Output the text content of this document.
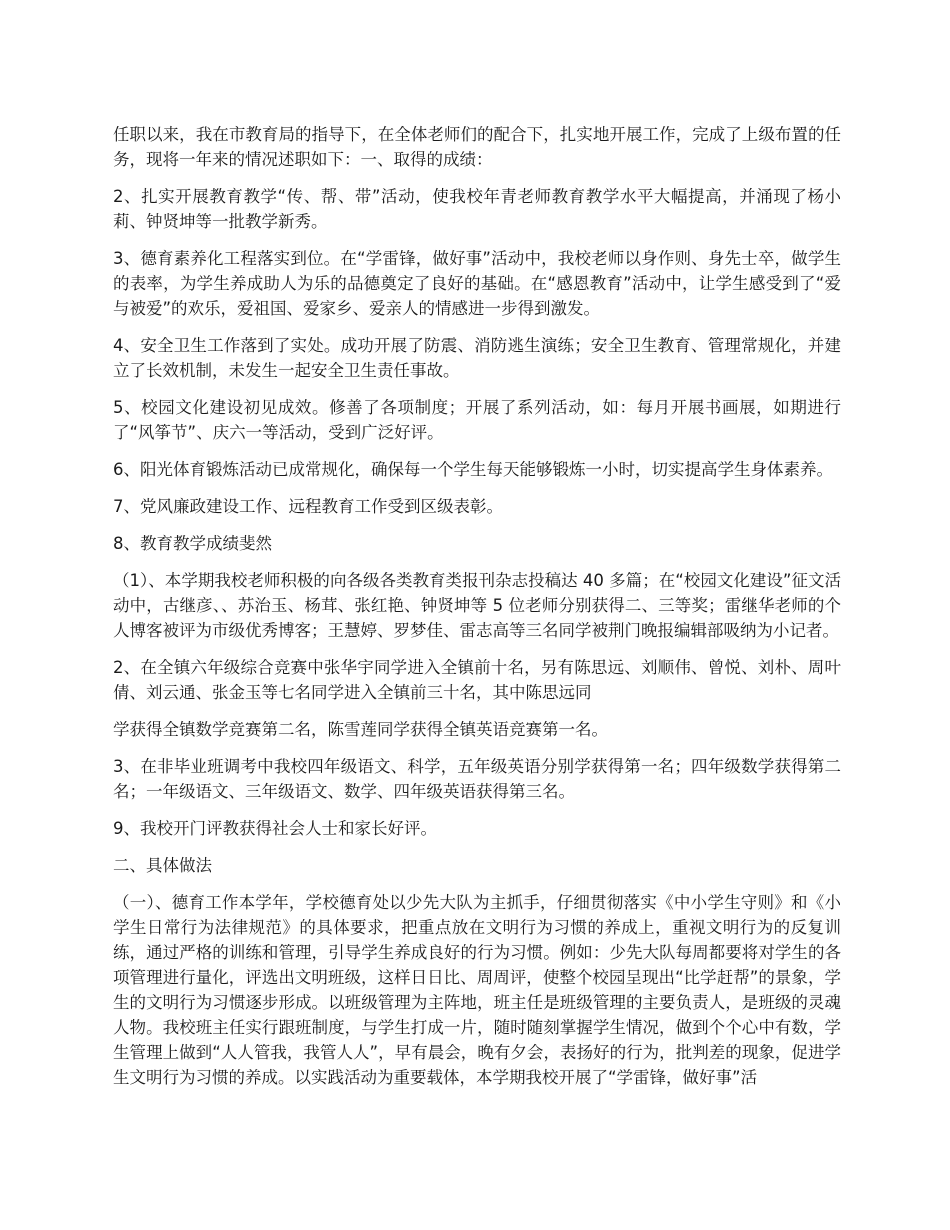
任职以来，我在市教育局的指导下，在全体老师们的配合下，扎实地开展工作，完成了上级布置的任务，现将一年来的情况述职如下：一、取得的成绩：

2、扎实开展教育教学“传、帮、带”活动，使我校年青老师教育教学水平大幅提高，并涌现了杨小莉、钟贤坤等一批教学新秀。

3、德育素养化工程落实到位。在“学雷锋，做好事”活动中，我校老师以身作则、身先士卒，做学生的表率，为学生养成助人为乐的品德奠定了良好的基础。在“感恩教育”活动中，让学生感受到了“爱与被爱”的欢乐，爱祖国、爱家乡、爱亲人的情感进一步得到激发。

4、安全卫生工作落到了实处。成功开展了防震、消防逃生演练；安全卫生教育、管理常规化，并建立了长效机制，未发生一起安全卫生责任事故。

5、校园文化建设初见成效。修善了各项制度；开展了系列活动，如：每月开展书画展，如期进行了“风筝节”、庆六一等活动，受到广泛好评。

6、阳光体育锻炼活动已成常规化，确保每一个学生每天能够锻炼一小时，切实提高学生身体素养。

7、党风廉政建设工作、远程教育工作受到区级表彰。

8、教育教学成绩斐然

（1）、本学期我校老师积极的向各级各类教育类报刊杂志投稿达 40 多篇；在“校园文化建设”征文活动中，古继彦、、苏治玉、杨茸、张红艳、钟贤坤等 5 位老师分别获得二、三等奖；雷继华老师的个人博客被评为市级优秀博客；王慧婷、罗梦佳、雷志高等三名同学被荆门晚报编辑部吸纳为小记者。

2、在全镇六年级综合竞赛中张华宇同学进入全镇前十名，另有陈思远、刘顺伟、曾悦、刘朴、周叶倩、刘云通、张金玉等七名同学进入全镇前三十名，其中陈思远同

学获得全镇数学竞赛第二名，陈雪莲同学获得全镇英语竞赛第一名。

3、在非毕业班调考中我校四年级语文、科学，五年级英语分别学获得第一名；四年级数学获得第二名；一年级语文、三年级语文、数学、四年级英语获得第三名。

9、我校开门评教获得社会人士和家长好评。

二、具体做法

（一）、德育工作本学年，学校德育处以少先大队为主抓手，仔细贯彻落实《中小学生守则》和《小学生日常行为法律规范》的具体要求，把重点放在文明行为习惯的养成上，重视文明行为的反复训练，通过严格的训练和管理，引导学生养成良好的行为习惯。例如：少先大队每周都要将对学生的各项管理进行量化，评选出文明班级，这样日日比、周周评，使整个校园呈现出“比学赶帮”的景象，学生的文明行为习惯逐步形成。以班级管理为主阵地，班主任是班级管理的主要负责人，是班级的灵魂人物。我校班主任实行跟班制度，与学生打成一片，随时随刻掌握学生情况，做到个个心中有数，学生管理上做到“人人管我，我管人人”，早有晨会，晚有夕会，表扬好的行为，批判差的现象，促进学生文明行为习惯的养成。以实践活动为重要载体，本学期我校开展了“学雷锋，做好事”活
